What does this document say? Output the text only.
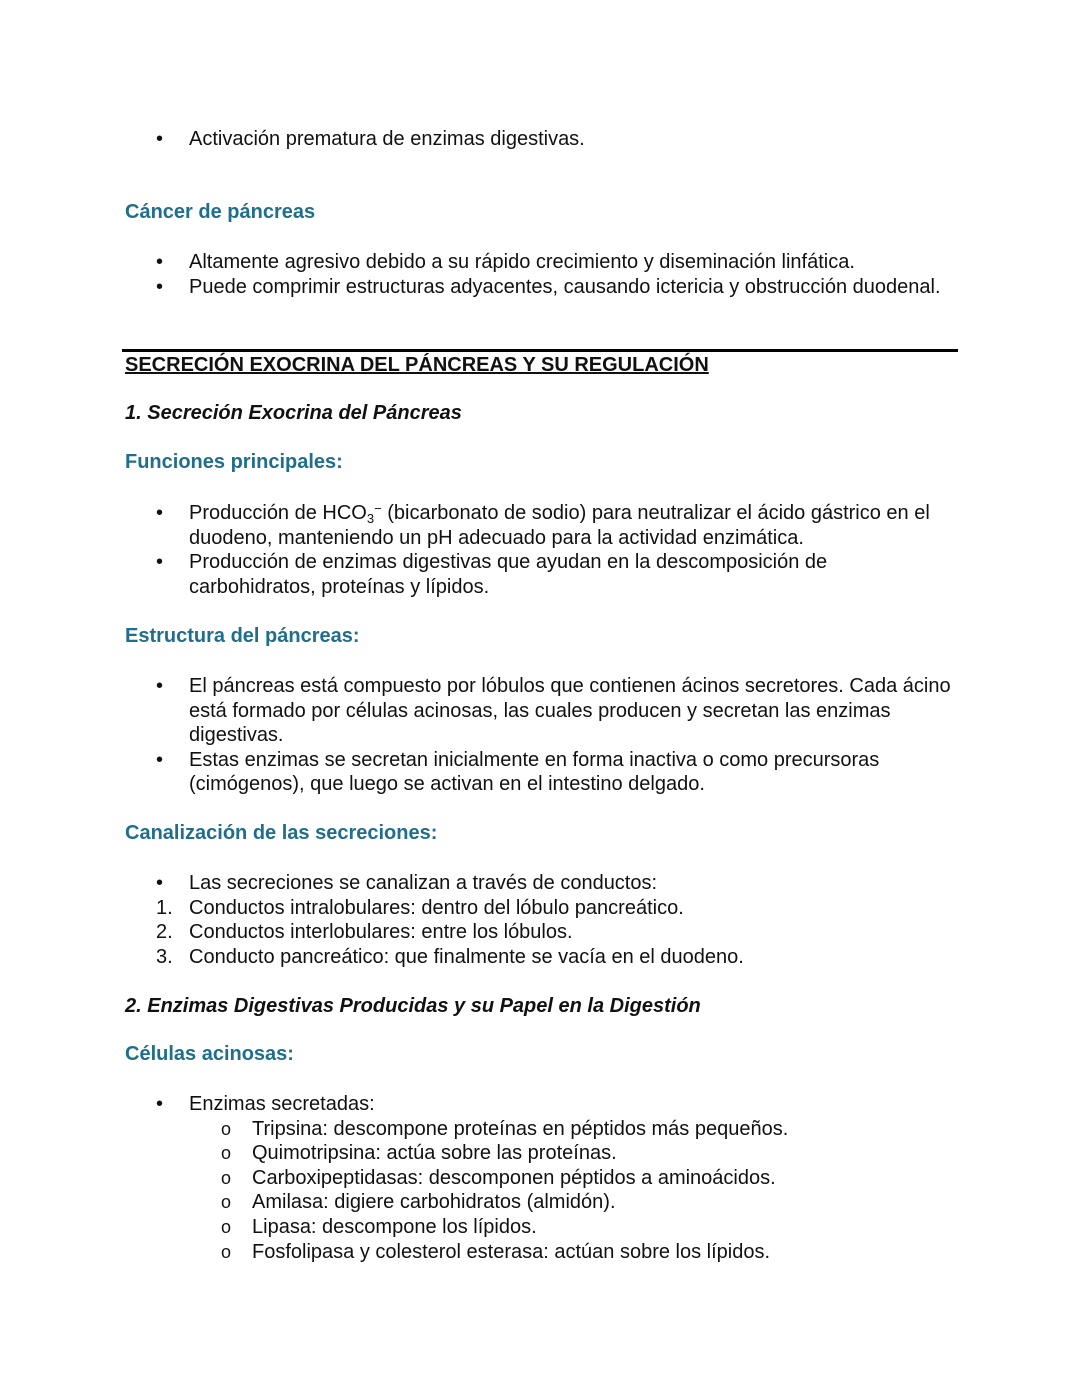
• Activación prematura de enzimas digestivas.
Cáncer de páncreas
• Altamente agresivo debido a su rápido crecimiento y diseminación linfática.
• Puede comprimir estructuras adyacentes, causando ictericia y obstrucción duodenal.
SECRECIÓN EXOCRINA DEL PÁNCREAS Y SU REGULACIÓN
1. Secreción Exocrina del Páncreas
Funciones principales:
• Producción de $HCO_3^-$ (bicarbonato de sodio) para neutralizar el ácido gástrico en el duodeno, manteniendo un pH adecuado para la actividad enzimática.
• Producción de enzimas digestivas que ayudan en la descomposición de carbohidratos, proteínas y lípidos.
Estructura del páncreas:
• El páncreas está compuesto por lóbulos que contienen ácinos secretores. Cada ácino está formado por células acinosas, las cuales producen y secretan las enzimas digestivas.
• Estas enzimas se secretan inicialmente en forma inactiva o como precursoras (cimógenos), que luego se activan en el intestino delgado.
Canalización de las secreciones:
• Las secreciones se canalizan a través de conductos:
1. Conductos intralobulares: dentro del lóbulo pancreático.
2. Conductos interlobulares: entre los lóbulos.
3. Conducto pancreático: que finalmente se vacía en el duodeno.
2. Enzimas Digestivas Producidas y su Papel en la Digestión
Células acinosas:
• Enzimas secretadas:
o Tripsina: descompone proteínas en péptidos más pequeños.
o Quimotripsina: actúa sobre las proteínas.
o Carboxipeptidasas: descomponen péptidos a aminoácidos.
o Amilasa: digiere carbohidratos (almidón).
o Lipasa: descompone los lípidos.
o Fosfolipasa y colesterol esterasa: actúan sobre los lípidos.
